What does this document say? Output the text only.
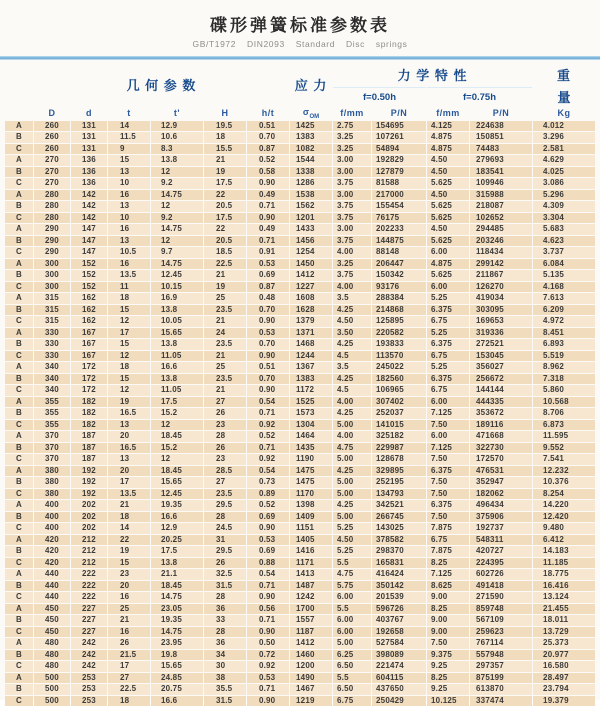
碟形弹簧标准参数表
GB/T1972 DIN2093 Standard Disc springs
	几 何 参 数						应 力	力 学 特 性				重
								f=0.50h		f=0.75h		量
	D	d	t	t'	H	h/t	$\sigma_{OM}$	f/mm	P/N	f/mm	P/N	Kg
A	260	131	14	12.9	19.5	0.51	1425	2.75	154695	4.125	224638	4.012
B	260	131	11.5	10.6	18	0.70	1383	3.25	107261	4.875	150851	3.296
C	260	131	9	8.3	15.5	0.87	1082	3.25	54894	4.875	74483	2.581
A	270	136	15	13.8	21	0.52	1544	3.00	192829	4.50	279693	4.629
B	270	136	13	12	19	0.58	1338	3.00	127879	4.50	183541	4.025
C	270	136	10	9.2	17.5	0.90	1286	3.75	81588	5.625	109946	3.086
A	280	142	16	14.75	22	0.49	1538	3.00	217000	4.50	315988	5.296
B	280	142	13	12	20.5	0.71	1562	3.75	155454	5.625	218087	4.309
C	280	142	10	9.2	17.5	0.90	1201	3.75	76175	5.625	102652	3.304
A	290	147	16	14.75	22	0.49	1433	3.00	202233	4.50	294485	5.683
B	290	147	13	12	20.5	0.71	1456	3.75	144875	5.625	203246	4.623
C	290	147	10.5	9.7	18.5	0.91	1254	4.00	88148	6.00	118434	3.737
A	300	152	16	14.75	22.5	0.53	1450	3.25	206447	4.875	299142	6.084
B	300	152	13.5	12.45	21	0.69	1412	3.75	150342	5.625	211867	5.135
C	300	152	11	10.15	19	0.87	1227	4.00	93176	6.00	126270	4.168
A	315	162	18	16.9	25	0.48	1608	3.5	288384	5.25	419034	7.613
B	315	162	15	13.8	23.5	0.70	1628	4.25	214868	6.375	303095	6.209
C	315	162	12	10.05	21	0.90	1379	4.50	125895	6.75	169653	4.972
A	330	167	17	15.65	24	0.53	1371	3.50	220582	5.25	319336	8.451
B	330	167	15	13.8	23.5	0.70	1468	4.25	193833	6.375	272521	6.893
C	330	167	12	11.05	21	0.90	1244	4.5	113570	6.75	153045	5.519
A	340	172	18	16.6	25	0.51	1367	3.5	245022	5.25	356027	8.962
B	340	172	15	13.8	23.5	0.70	1383	4.25	182560	6.375	256672	7.318
C	340	172	12	11.05	21	0.90	1172	4.5	106965	6.75	144144	5.860
A	355	182	19	17.5	27	0.54	1525	4.00	307402	6.00	444335	10.568
B	355	182	16.5	15.2	26	0.71	1573	4.25	252037	7.125	353672	8.706
C	355	182	13	12	23	0.92	1304	5.00	141015	7.50	189116	6.873
A	370	187	20	18.45	28	0.52	1464	4.00	325182	6.00	471668	11.595
B	370	187	16.5	15.2	26	0.71	1435	4.75	229987	7.125	322730	9.552
C	370	187	13	12	23	0.92	1190	5.00	128678	7.50	172570	7.541
A	380	192	20	18.45	28.5	0.54	1475	4.25	329895	6.375	476531	12.232
B	380	192	17	15.65	27	0.73	1475	5.00	252195	7.50	352947	10.376
C	380	192	13.5	12.45	23.5	0.89	1170	5.00	134793	7.50	182062	8.254
A	400	202	21	19.35	29.5	0.52	1398	4.25	342521	6.375	496434	14.220
B	400	202	18	16.6	28	0.69	1409	5.00	266745	7.50	375906	12.420
C	400	202	14	12.9	24.5	0.90	1151	5.25	143025	7.875	192737	9.480
A	420	212	22	20.25	31	0.53	1405	4.50	378582	6.75	548311	6.412
B	420	212	19	17.5	29.5	0.69	1416	5.25	298370	7.875	420727	14.183
C	420	212	15	13.8	26	0.88	1171	5.5	165831	8.25	224395	11.185
A	440	222	23	21.1	32.5	0.54	1413	4.75	416424	7.125	602726	18.775
B	440	222	20	18.45	31.5	0.71	1487	5.75	350142	8.625	491418	16.416
C	440	222	16	14.75	28	0.90	1242	6.00	201539	9.00	271590	13.124
A	450	227	25	23.05	36	0.56	1700	5.5	596726	8.25	859748	21.455
B	450	227	21	19.35	33	0.71	1557	6.00	403767	9.00	567109	18.011
C	450	227	16	14.75	28	0.90	1187	6.00	192658	9.00	259623	13.729
A	480	242	26	23.95	36	0.50	1412	5.00	527584	7.50	767114	25.373
B	480	242	21.5	19.8	34	0.72	1460	6.25	398089	9.375	557948	20.977
C	480	242	17	15.65	30	0.92	1200	6.50	221474	9.25	297357	16.580
A	500	253	27	24.85	38	0.53	1490	5.5	604115	8.25	875199	28.497
B	500	253	22.5	20.75	35.5	0.71	1467	6.50	437650	9.25	613870	23.794
C	500	253	18	16.6	31.5	0.90	1219	6.75	250429	10.125	337474	19.379
